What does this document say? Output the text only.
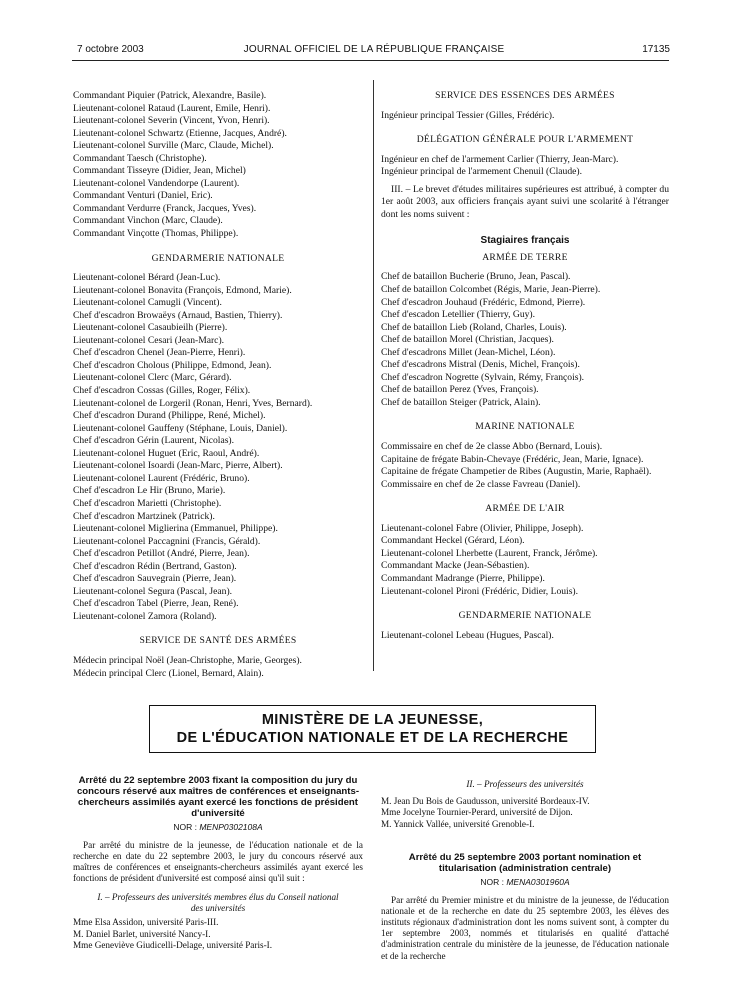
7 octobre 2003	JOURNAL OFFICIEL DE LA RÉPUBLIQUE FRANÇAISE	17135

Commandant Piquier (Patrick, Alexandre, Basile).

Lieutenant-colonel Rataud (Laurent, Emile, Henri).

Lieutenant-colonel Severin (Vincent, Yvon, Henri).

Lieutenant-colonel Schwartz (Etienne, Jacques, André).

Lieutenant-colonel Surville (Marc, Claude, Michel).

Commandant Taesch (Christophe).

Commandant Tisseyre (Didier, Jean, Michel)

Lieutenant-colonel Vandendorpe (Laurent).

Commandant Venturi (Daniel, Eric).

Commandant Verdurre (Franck, Jacques, Yves).

Commandant Vinchon (Marc, Claude).

Commandant Vinçotte (Thomas, Philippe).

GENDARMERIE NATIONALE

Lieutenant-colonel Bérard (Jean-Luc).

Lieutenant-colonel Bonavita (François, Edmond, Marie).

Lieutenant-colonel Camugli (Vincent).

Chef d'escadron Browaëys (Arnaud, Bastien, Thierry).

Lieutenant-colonel Casaubieilh (Pierre).

Lieutenant-colonel Cesari (Jean-Marc).

Chef d'escadron Chenel (Jean-Pierre, Henri).

Chef d'escadron Cholous (Philippe, Edmond, Jean).

Lieutenant-colonel Clerc (Marc, Gérard).

Chef d'escadron Cossas (Gilles, Roger, Félix).

Lieutenant-colonel de Lorgeril (Ronan, Henri, Yves, Bernard).

Chef d'escadron Durand (Philippe, René, Michel).

Lieutenant-colonel Gauffeny (Stéphane, Louis, Daniel).

Chef d'escadron Gérin (Laurent, Nicolas).

Lieutenant-colonel Huguet (Eric, Raoul, André).

Lieutenant-colonel Isoardi (Jean-Marc, Pierre, Albert).

Lieutenant-colonel Laurent (Frédéric, Bruno).

Chef d'escadron Le Hir (Bruno, Marie).

Chef d'escadron Marietti (Christophe).

Chef d'escadron Martzinek (Patrick).

Lieutenant-colonel Miglierina (Emmanuel, Philippe).

Lieutenant-colonel Paccagnini (Francis, Gérald).

Chef d'escadron Petillot (André, Pierre, Jean).

Chef d'escadron Rédin (Bertrand, Gaston).

Chef d'escadron Sauvegrain (Pierre, Jean).

Lieutenant-colonel Segura (Pascal, Jean).

Chef d'escadron Tabel (Pierre, Jean, René).

Lieutenant-colonel Zamora (Roland).

SERVICE DE SANTÉ DES ARMÉES

Médecin principal Noël (Jean-Christophe, Marie, Georges).

Médecin principal Clerc (Lionel, Bernard, Alain).

SERVICE DES ESSENCES DES ARMÉES

Ingénieur principal Tessier (Gilles, Frédéric).

DÉLÉGATION GÉNÉRALE POUR L'ARMEMENT

Ingénieur en chef de l'armement Carlier (Thierry, Jean-Marc).

Ingénieur principal de l'armement Chenuil (Claude).

III. – Le brevet d'études militaires supérieures est attribué, à compter du 1er août 2003, aux officiers français ayant suivi une scolarité à l'étranger dont les noms suivent :

Stagiaires français

ARMÉE DE TERRE

Chef de bataillon Bucherie (Bruno, Jean, Pascal).

Chef de bataillon Colcombet (Régis, Marie, Jean-Pierre).

Chef d'escadron Jouhaud (Frédéric, Edmond, Pierre).

Chef d'escadon Letellier (Thierry, Guy).

Chef de bataillon Lieb (Roland, Charles, Louis).

Chef de bataillon Morel (Christian, Jacques).

Chef d'escadrons Millet (Jean-Michel, Léon).

Chef d'escadrons Mistral (Denis, Michel, François).

Chef d'escadron Nogrette (Sylvain, Rémy, François).

Chef de bataillon Perez (Yves, François).

Chef de bataillon Steiger (Patrick, Alain).

MARINE NATIONALE

Commissaire en chef de 2e classe Abbo (Bernard, Louis).

Capitaine de frégate Babin-Chevaye (Frédéric, Jean, Marie, Ignace).

Capitaine de frégate Champetier de Ribes (Augustin, Marie, Raphaël).

Commissaire en chef de 2e classe Favreau (Daniel).

ARMÉE DE L'AIR

Lieutenant-colonel Fabre (Olivier, Philippe, Joseph).

Commandant Heckel (Gérard, Léon).

Lieutenant-colonel Lherbette (Laurent, Franck, Jérôme).

Commandant Macke (Jean-Sébastien).

Commandant Madrange (Pierre, Philippe).

Lieutenant-colonel Pironi (Frédéric, Didier, Louis).

GENDARMERIE NATIONALE

Lieutenant-colonel Lebeau (Hugues, Pascal).

MINISTÈRE DE LA JEUNESSE,
DE L'ÉDUCATION NATIONALE ET DE LA RECHERCHE

Arrêté du 22 septembre 2003 fixant la composition du jury du concours réservé aux maîtres de conférences et enseignants-chercheurs assimilés ayant exercé les fonctions de président d'université

NOR : MENP0302108A

Par arrêté du ministre de la jeunesse, de l'éducation nationale et de la recherche en date du 22 septembre 2003, le jury du concours réservé aux maîtres de conférences et enseignants-chercheurs assimilés ayant exercé les fonctions de président d'université est composé ainsi qu'il suit :

I. – Professeurs des universités membres élus du Conseil national des universités

Mme Elsa Assidon, université Paris-III.

M. Daniel Barlet, université Nancy-I.

Mme Geneviève Giudicelli-Delage, université Paris-I.

II. – Professeurs des universités

M. Jean Du Bois de Gaudusson, université Bordeaux-IV.

Mme Jocelyne Tournier-Perard, université de Dijon.

M. Yannick Vallée, université Grenoble-I.

Arrêté du 25 septembre 2003 portant nomination et titularisation (administration centrale)

NOR : MENA0301960A

Par arrêté du Premier ministre et du ministre de la jeunesse, de l'éducation nationale et de la recherche en date du 25 septembre 2003, les élèves des instituts régionaux d'administration dont les noms suivent sont, à compter du 1er septembre 2003, nommés et titularisés en qualité d'attaché d'administration centrale du ministère de la jeunesse, de l'éducation nationale et de la recherche
